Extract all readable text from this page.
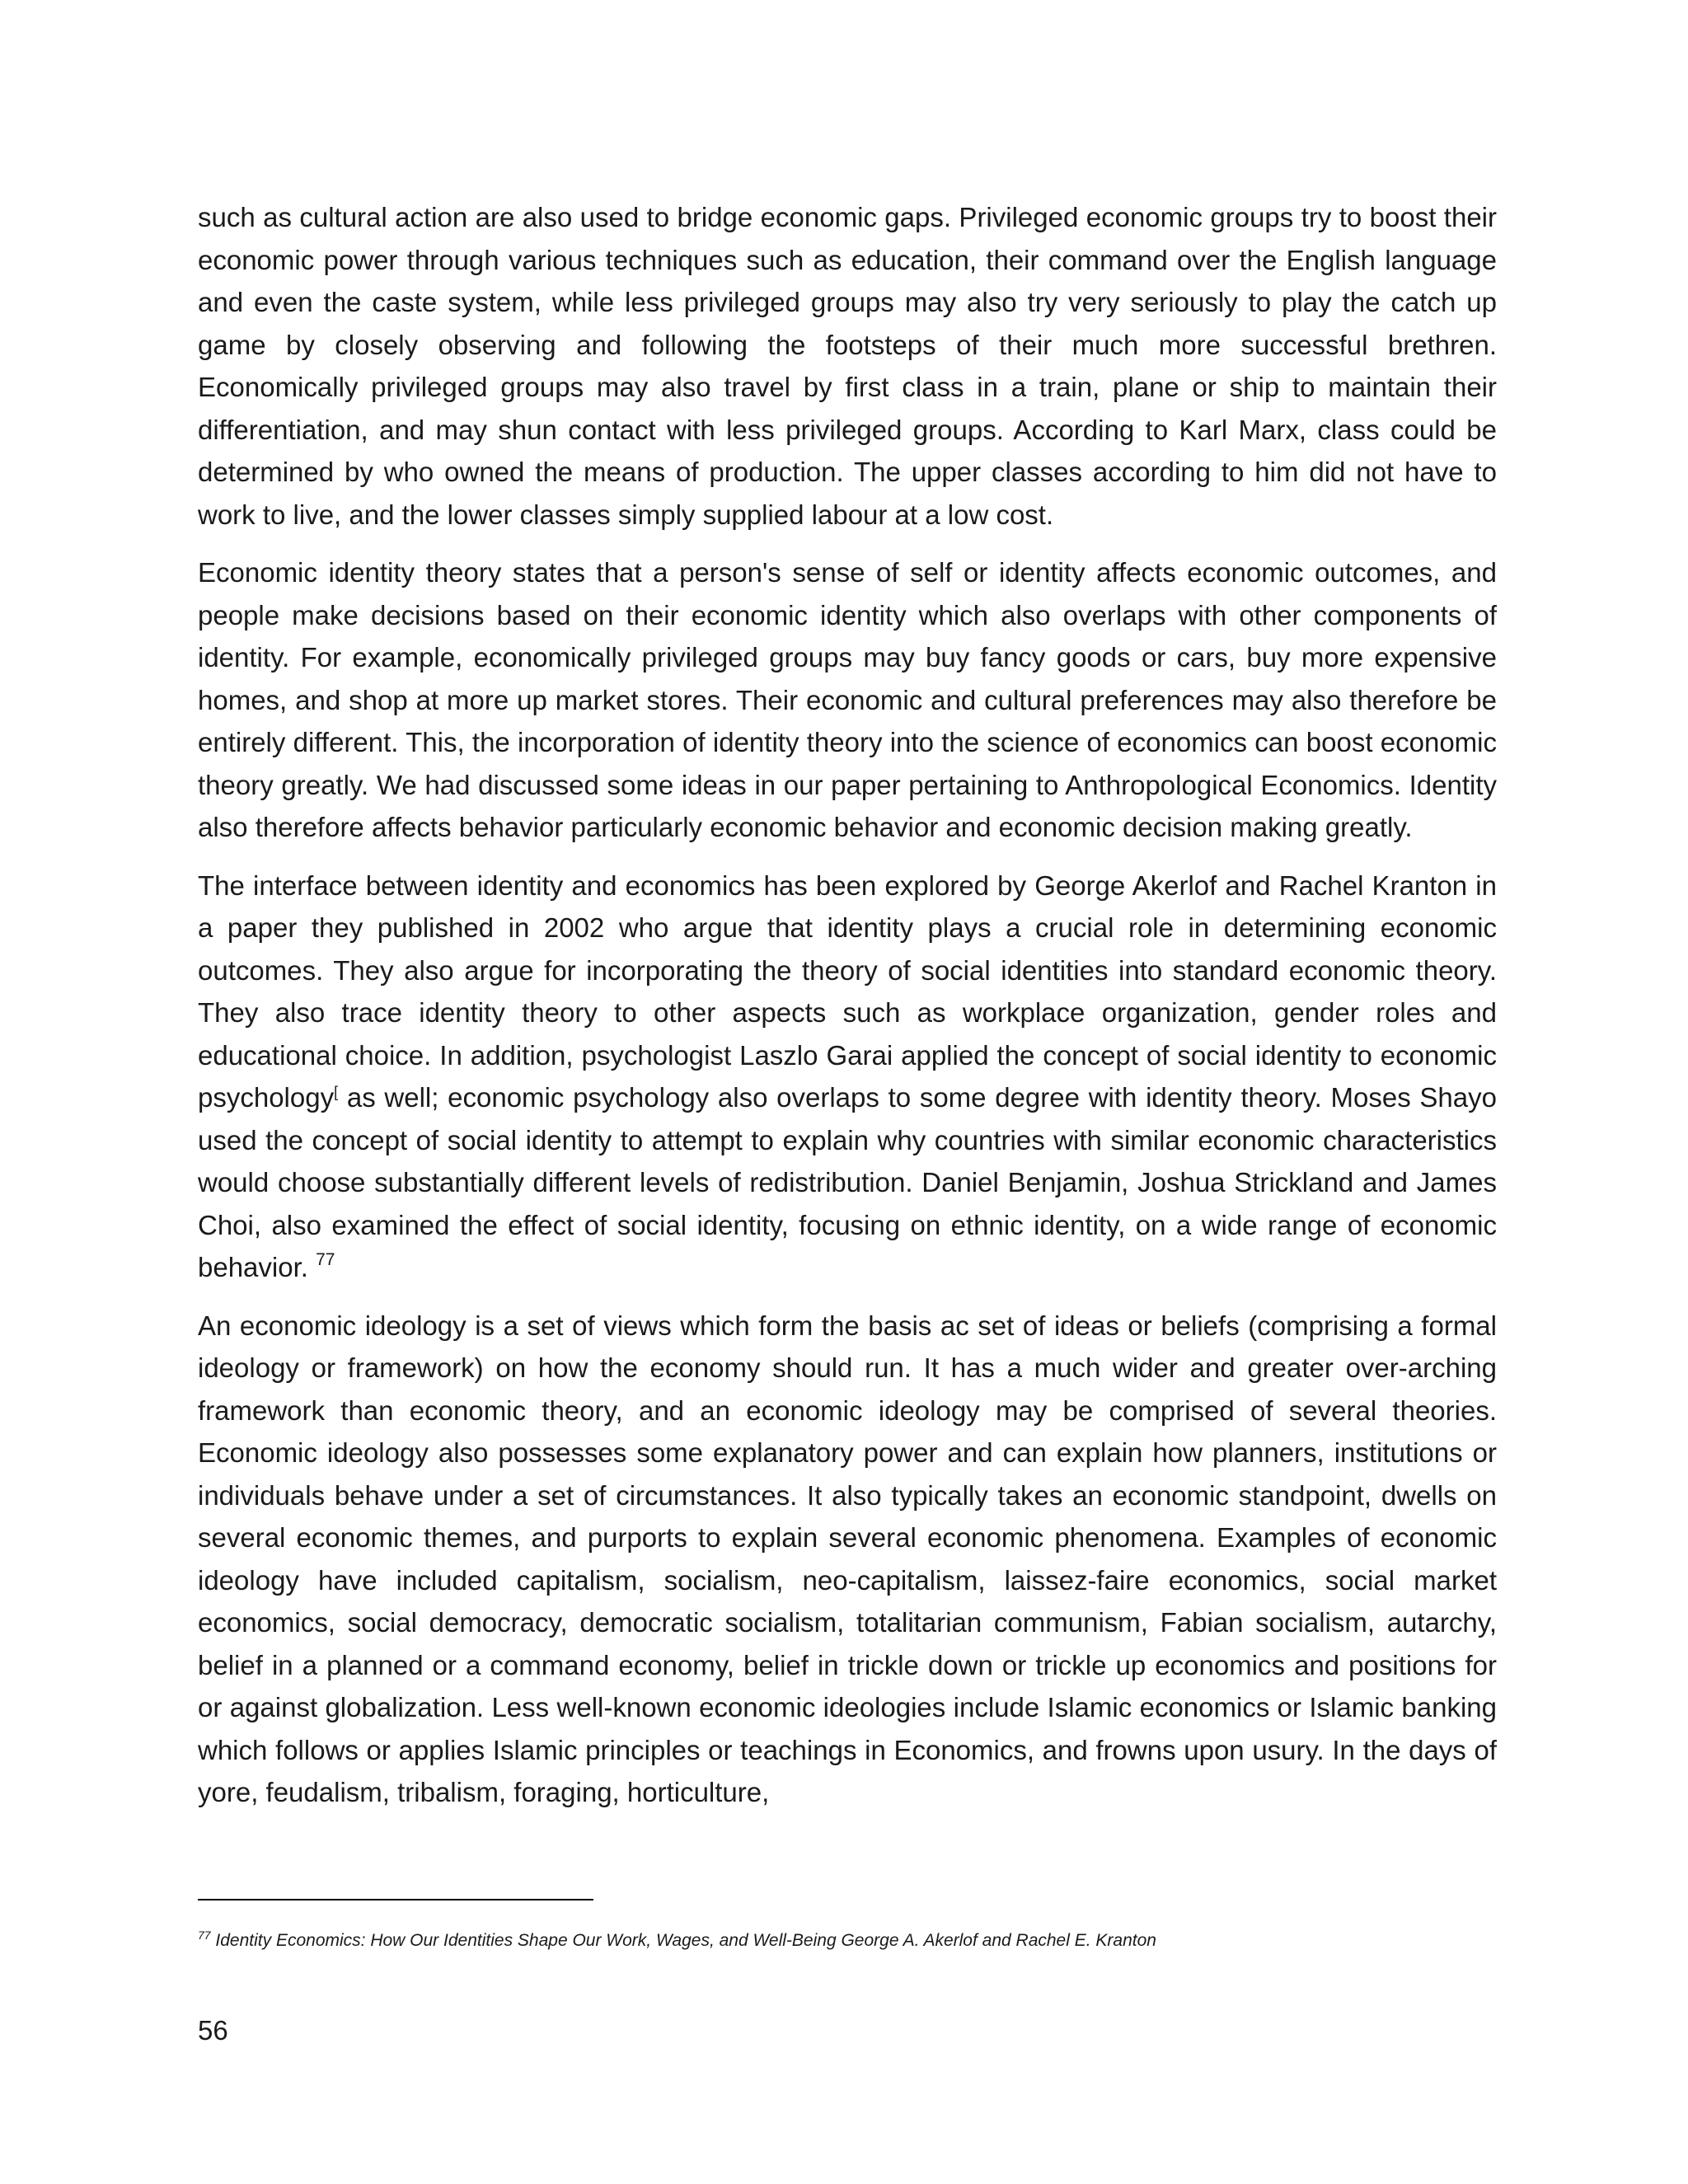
such as cultural action are also used to bridge economic gaps. Privileged economic groups try to boost their economic power through various techniques such as education, their command over the English language and even the caste system, while less privileged groups may also try very seriously to play the catch up game by closely observing and following the footsteps of their much more successful brethren. Economically privileged groups may also travel by first class in a train, plane or ship to maintain their differentiation, and may shun contact with less privileged groups. According to Karl Marx, class could be determined by who owned the means of production. The upper classes according to him did not have to work to live, and the lower classes simply supplied labour at a low cost.

Economic identity theory states that a person's sense of self or identity affects economic outcomes, and people make decisions based on their economic identity which also overlaps with other components of identity. For example, economically privileged groups may buy fancy goods or cars, buy more expensive homes, and shop at more up market stores. Their economic and cultural preferences may also therefore be entirely different. This, the incorporation of identity theory into the science of economics can boost economic theory greatly. We had discussed some ideas in our paper pertaining to Anthropological Economics. Identity also therefore affects behavior particularly economic behavior and economic decision making greatly.

The interface between identity and economics has been explored by George Akerlof and Rachel Kranton in a paper they published in 2002 who argue that identity plays a crucial role in determining economic outcomes. They also argue for incorporating the theory of social identities into standard economic theory. They also trace identity theory to other aspects such as workplace organization, gender roles and educational choice. In addition, psychologist Laszlo Garai applied the concept of social identity to economic psychology[ as well; economic psychology also overlaps to some degree with identity theory. Moses Shayo used the concept of social identity to attempt to explain why countries with similar economic characteristics would choose substantially different levels of redistribution. Daniel Benjamin, Joshua Strickland and James Choi, also examined the effect of social identity, focusing on ethnic identity, on a wide range of economic behavior. $^{77}$

An economic ideology is a set of views which form the basis ac set of ideas or beliefs (comprising a formal ideology or framework) on how the economy should run. It has a much wider and greater over-arching framework than economic theory, and an economic ideology may be comprised of several theories. Economic ideology also possesses some explanatory power and can explain how planners, institutions or individuals behave under a set of circumstances. It also typically takes an economic standpoint, dwells on several economic themes, and purports to explain several economic phenomena. Examples of economic ideology have included capitalism, socialism, neo-capitalism, laissez-faire economics, social market economics, social democracy, democratic socialism, totalitarian communism, Fabian socialism, autarchy, belief in a planned or a command economy, belief in trickle down or trickle up economics and positions for or against globalization. Less well-known economic ideologies include Islamic economics or Islamic banking which follows or applies Islamic principles or teachings in Economics, and frowns upon usury. In the days of yore, feudalism, tribalism, foraging, horticulture,

$^{77}$ Identity Economics: How Our Identities Shape Our Work, Wages, and Well-Being George A. Akerlof and Rachel E. Kranton
56
